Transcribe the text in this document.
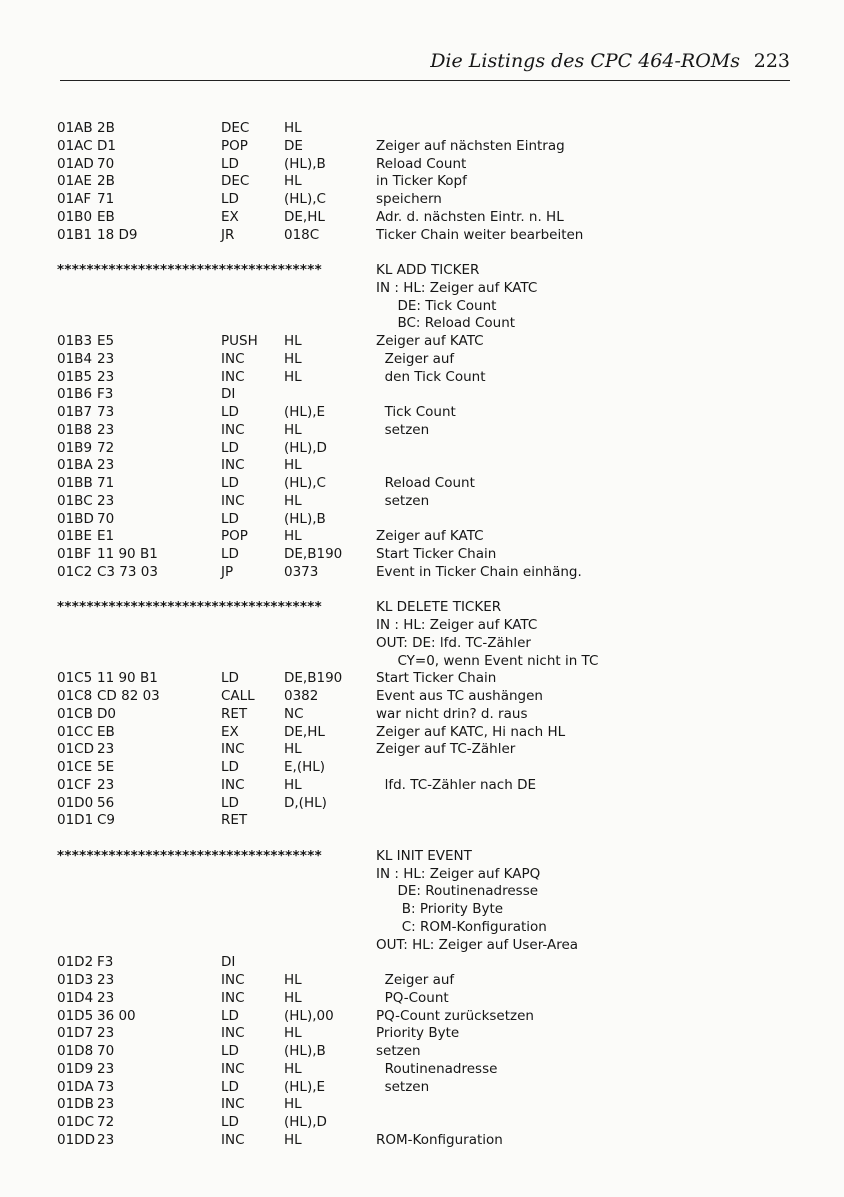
Die Listings des CPC 464-ROMs 223
01AB 2B	DEC	HL
01AC D1	POP	DE	Zeiger auf nächsten Eintrag
01AD 70	LD	(HL),B	Reload Count
01AE 2B	DEC	HL	in Ticker Kopf
01AF 71	LD	(HL),C	speichern
01B0 EB	EX	DE,HL	Adr. d. nächsten Eintr. n. HL
01B1 18 D9	JR	018C	Ticker Chain weiter bearbeiten
************************************	KL ADD TICKER
IN : HL: Zeiger auf KATC
DE: Tick Count
BC: Reload Count
01B3 E5	PUSH HL	Zeiger auf KATC
01B4 23	INC	HL	Zeiger auf
01B5 23	INC	HL	den Tick Count
01B6 F3	DI
01B7 73	LD	(HL),E	Tick Count
01B8 23	INC	HL	setzen
01B9 72	LD	(HL),D
01BA 23	INC	HL
01BB 71	LD	(HL),C	Reload Count
01BC 23	INC	HL	setzen
01BD 70	LD	(HL),B
01BE E1	POP	HL	Zeiger auf KATC
01BF 11 90 B1	LD	DE,B190	Start Ticker Chain
01C2 C3 73 03	JP	0373	Event in Ticker Chain einhäng.
************************************	KL DELETE TICKER
IN : HL: Zeiger auf KATC
OUT: DE: lfd. TC-Zähler
CY=0, wenn Event nicht in TC
01C5 11 90 B1	LD	DE,B190	Start Ticker Chain
01C8 CD 82 03	CALL 0382	Event aus TC aushängen
01CB D0	RET	NC	war nicht drin? d. raus
01CC EB	EX	DE,HL	Zeiger auf KATC, Hi nach HL
01CD 23	INC	HL	Zeiger auf TC-Zähler
01CE 5E	LD	E,(HL)
01CF 23	INC	HL	lfd. TC-Zähler nach DE
01D0 56	LD	D,(HL)
01D1 C9	RET
************************************	KL INIT EVENT
IN : HL: Zeiger auf KAPQ
DE: Routinenadresse
B: Priority Byte
C: ROM-Konfiguration
OUT: HL: Zeiger auf User-Area
01D2 F3	DI
01D3 23	INC	HL	Zeiger auf
01D4 23	INC	HL	PQ-Count
01D5 36 00	LD	(HL),00	PQ-Count zurücksetzen
01D7 23	INC	HL	Priority Byte
01D8 70	LD	(HL),B	setzen
01D9 23	INC	HL	Routinenadresse
01DA 73	LD	(HL),E	setzen
01DB 23	INC	HL
01DC 72	LD	(HL),D
01DD 23	INC	HL	ROM-Konfiguration
